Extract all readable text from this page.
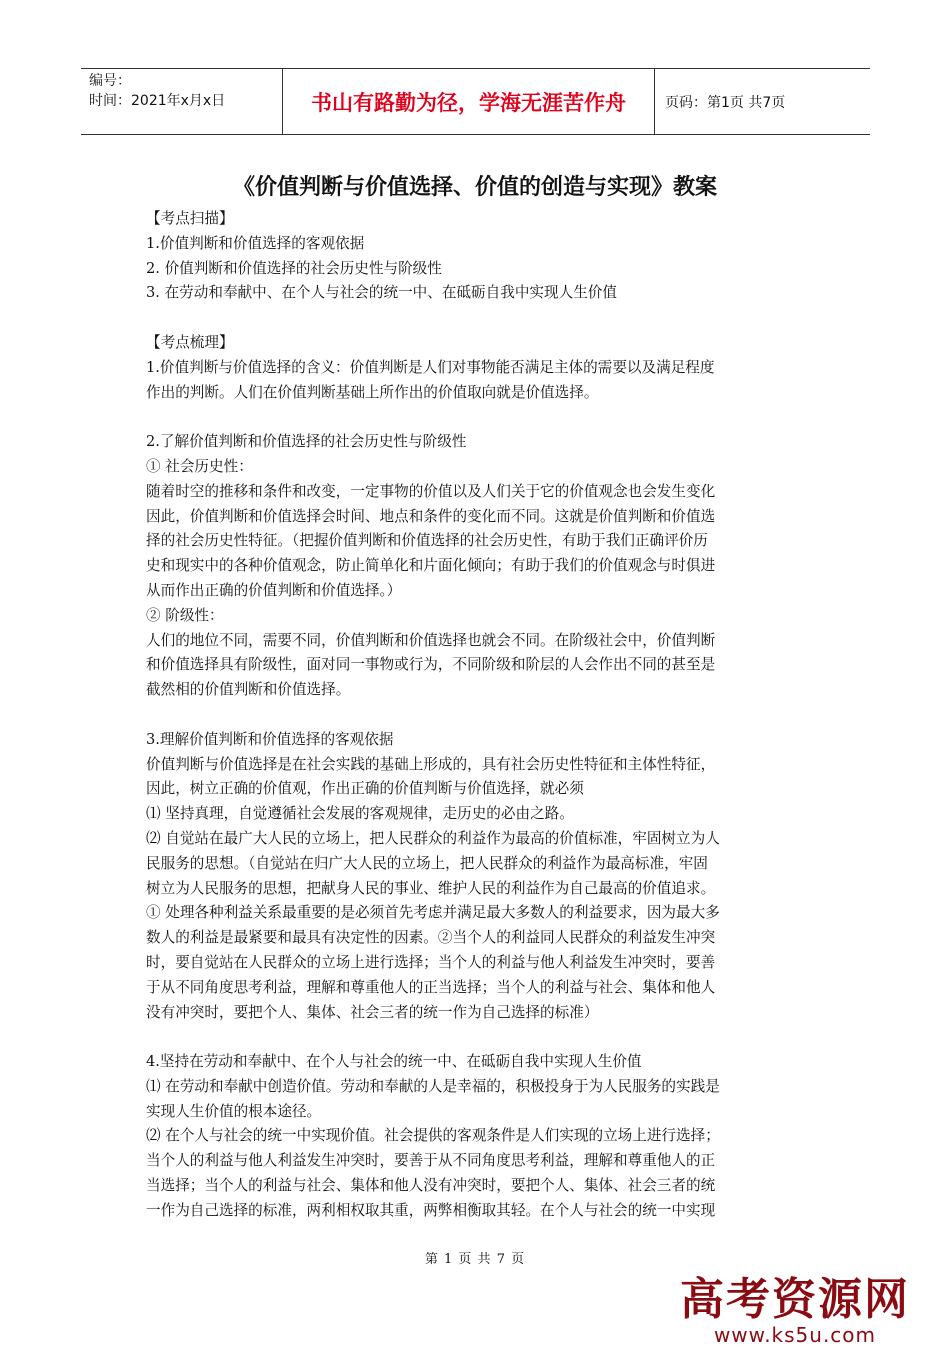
编号：
时间：2021年x月x日	书山有路勤为径，学海无涯苦作舟	页码：第1页 共7页
《价值判断与价值选择、价值的创造与实现》教案

【考点扫描】

1.价值判断和价值选择的客观依据

2. 价值判断和价值选择的社会历史性与阶级性

3. 在劳动和奉献中、在个人与社会的统一中、在砥砺自我中实现人生价值

【考点梳理】

1.价值判断与价值选择的含义：价值判断是人们对事物能否满足主体的需要以及满足程度

作出的判断。人们在价值判断基础上所作出的价值取向就是价值选择。

2.了解价值判断和价值选择的社会历史性与阶级性

① 社会历史性：

随着时空的推移和条件和改变，一定事物的价值以及人们关于它的价值观念也会发生变化

因此，价值判断和价值选择会时间、地点和条件的变化而不同。这就是价值判断和价值选

择的社会历史性特征。（把握价值判断和价值选择的社会历史性，有助于我们正确评价历

史和现实中的各种价值观念，防止简单化和片面化倾向；有助于我们的价值观念与时俱进

从而作出正确的价值判断和价值选择。）

② 阶级性：

人们的地位不同，需要不同，价值判断和价值选择也就会不同。在阶级社会中，价值判断

和价值选择具有阶级性，面对同一事物或行为，不同阶级和阶层的人会作出不同的甚至是

截然相的价值判断和价值选择。

3.理解价值判断和价值选择的客观依据

价值判断与价值选择是在社会实践的基础上形成的，具有社会历史性特征和主体性特征，

因此，树立正确的价值观，作出正确的价值判断与价值选择，就必须

⑴ 坚持真理，自觉遵循社会发展的客观规律，走历史的必由之路。

⑵ 自觉站在最广大人民的立场上，把人民群众的利益作为最高的价值标准，牢固树立为人

民服务的思想。（自觉站在归广大人民的立场上，把人民群众的利益作为最高标准，牢固

树立为人民服务的思想，把献身人民的事业、维护人民的利益作为自己最高的价值追求。

① 处理各种利益关系最重要的是必须首先考虑并满足最大多数人的利益要求，因为最大多

数人的利益是最紧要和最具有决定性的因素。②当个人的利益同人民群众的利益发生冲突

时，要自觉站在人民群众的立场上进行选择；当个人的利益与他人利益发生冲突时，要善

于从不同角度思考利益，理解和尊重他人的正当选择；当个人的利益与社会、集体和他人

没有冲突时，要把个人、集体、社会三者的统一作为自己选择的标准）

4.坚持在劳动和奉献中、在个人与社会的统一中、在砥砺自我中实现人生价值

⑴ 在劳动和奉献中创造价值。劳动和奉献的人是幸福的，积极投身于为人民服务的实践是

实现人生价值的根本途径。

⑵ 在个人与社会的统一中实现价值。社会提供的客观条件是人们实现的立场上进行选择；

当个人的利益与他人利益发生冲突时，要善于从不同角度思考利益，理解和尊重他人的正

当选择；当个人的利益与社会、集体和他人没有冲突时，要把个人、集体、社会三者的统

一作为自己选择的标准，两利相权取其重，两弊相衡取其轻。在个人与社会的统一中实现

第 1 页 共 7 页
高考资源网
www.ks5u.com
